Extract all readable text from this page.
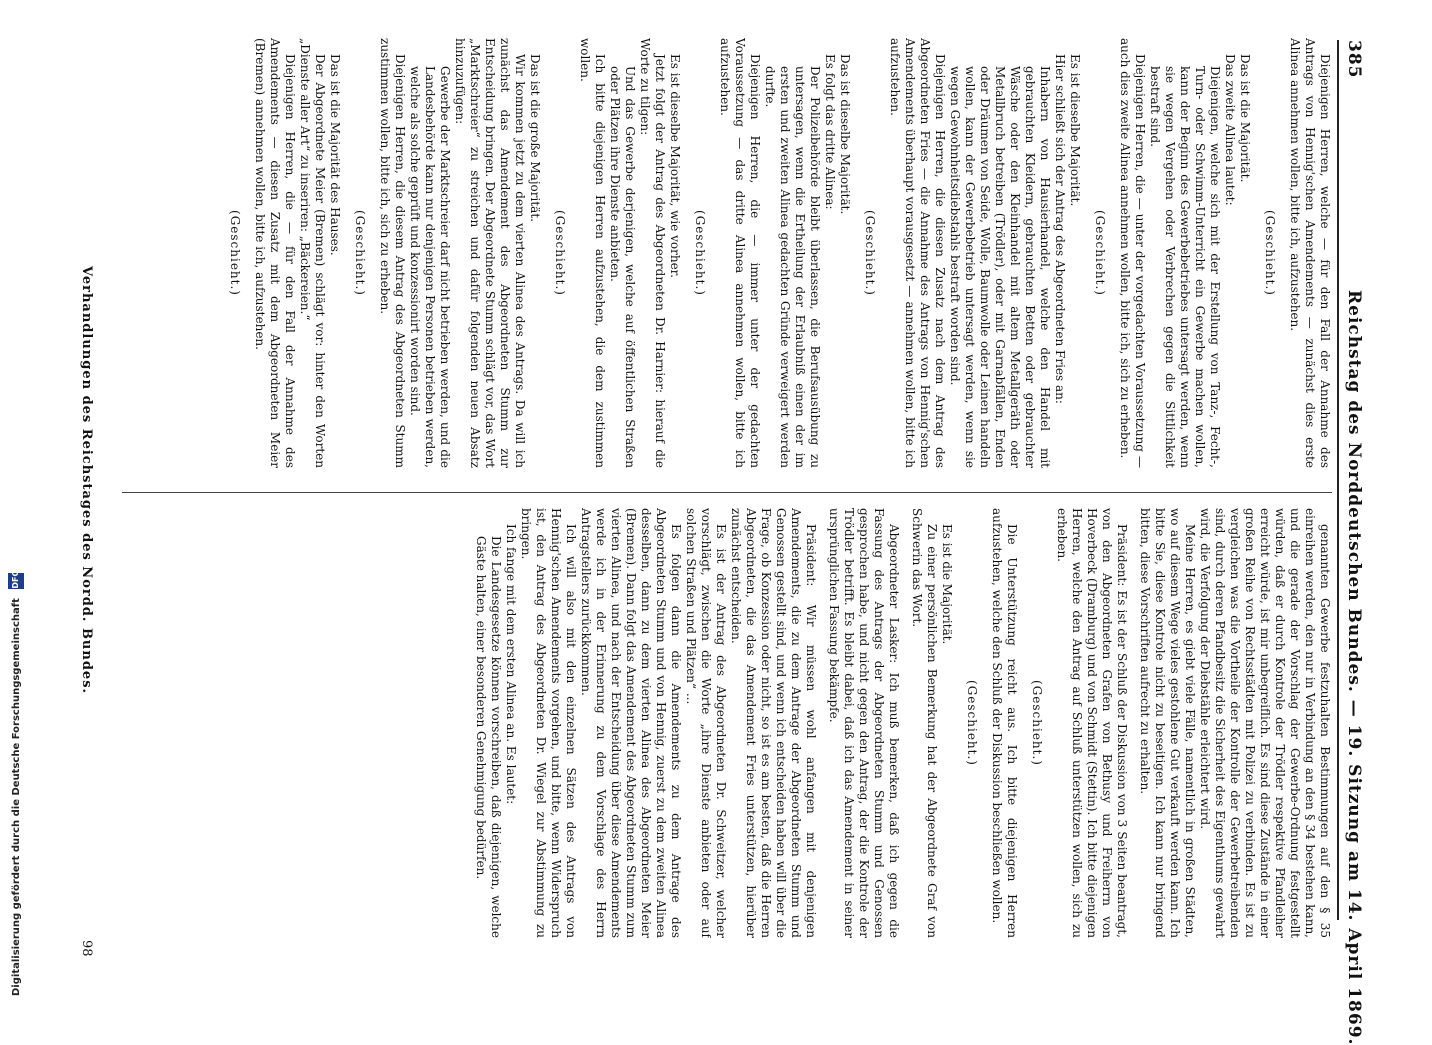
385
Reichstag des Norddeutschen Bundes. — 19. Sitzung am 14. April 1869.

Diejenigen Herren, welche — für den Fall der Annahme des Antrags von Hennig'schen Amendements — zunächst dies erste Alinea annehmen wollen, bitte ich, aufzustehen.

(Geschieht.)

Das ist die Majorität.

Das zweite Alinea lautet:

Diejenigen, welche sich mit der Erstellung von Tanz-, Fecht-, Turn- oder Schwimm-Unterricht ein Gewerbe machen wollen, kann der Beginn des Gewerbebetriebes untersagt werden, wenn sie wegen Vergehen oder Verbrechen gegen die Sittlichkeit bestraft sind.

Diejenigen Herren, die — unter der vorgedachten Voraussetzung — auch dies zweite Alinea annehmen wollen, bitte ich, sich zu erheben.

(Geschieht.)

Es ist dieselbe Majorität.

Hier schließt sich der Antrag des Abgeordneten Fries an:

Inhabern von Hausierhandel, welche den Handel mit gebrauchten Kleidern, gebrauchten Betten oder gebrauchter Wäsche oder den Kleinhandel mit altem Metallgeräth oder Metallbruch betreiben (Trödler), oder mit Garnabfällen, Enden oder Dräumen von Seide, Wolle, Baumwolle oder Leinen handeln wollen, kann der Gewerbebetrieb untersagt werden, wenn sie wegen Gewohnheitsdiebstahls bestraft worden sind.

Diejenigen Herren, die diesen Zusatz nach dem Antrag des Abgeordneten Fries — die Annahme des Antrags von Hennig'schen Amendements überhaupt vorausgesetzt — annehmen wollen, bitte ich aufzustehen.

(Geschieht.)

Das ist dieselbe Majorität.

Es folgt das dritte Alinea:

Der Polizeibehörde bleibt überlassen, die Berufsausübung zu untersagen, wenn die Ertheilung der Erlaubniß einen der im ersten und zweiten Alinea gedachten Gründe verweigert werden durfte.

Diejenigen Herren, die — immer unter der gedachten Voraussetzung — das dritte Alinea annehmen wollen, bitte ich aufzustehen.

(Geschieht.)

Es ist dieselbe Majorität, wie vorher.

Jetzt folgt der Antrag des Abgeordneten Dr. Harnier: hierauf die Worte zu tilgen:

Und das Gewerbe derjenigen, welche auf öffentlichen Straßen oder Plätzen ihre Dienste anbieten.

Ich bitte diejenigen Herren aufzustehen, die dem zustimmen wollen.

(Geschieht.)

Das ist die große Majorität.

Wir kommen jetzt zu dem vierten Alinea des Antrags. Da will ich zunächst das Amendement des Abgeordneten Stumm zur Entscheidung bringen. Der Abgeordnete Stumm schlägt vor, das Wort „Marktschreier“ zu streichen und dafür folgenden neuen Absatz hinzuzufügen:

Gewerbe der Marktschreier darf nicht betrieben werden, und die Landesbehörde kann nur denjenigen Personen betrieben werden, welche als solche geprüft und konzessionirt worden sind.

Diejenigen Herren, die diesem Antrag des Abgeordneten Stumm zustimmen wollen, bitte ich, sich zu erheben.

(Geschieht.)

Das ist die Majorität des Hauses.

Der Abgeordnete Meier (Bremen) schlägt vor: hinter den Worten „Dienste aller Art“ zu inseriren: „Bäckereien.“

Diejenigen Herren, die — für den Fall der Annahme des Amendements — diesen Zusatz mit dem Abgeordneten Meier (Bremen) annehmen wollen, bitte ich, aufzustehen.

(Geschieht.)

genannten Gewerbe festzuhalten Bestimmungen auf den § 35 einreihen werden, den nur in Verbindung an den § 34 bestehen kann, und die gerade der Vorschlag der Gewerbe-Ordnung festgestellt würden, daß er durch Kontrole der Trödler respektive Pfandleiher erreicht würde, ist mir unbegreiflich. Es sind diese Zustände in einer großen Reihe von Rechtsstädten mit Polizei zu verbinden. Es ist zu vergleichen was die Vortheile der Kontrolle der Gewerbetreibenden sind, durch deren Pfandbesitz die Sicherheit des Eigenthums gewahrt wird, die Verfolgung der Diebstähle erleichtert wird.

Meine Herren, es giebt viele Fälle, namentlich in großen Städten, wo auf diesem Wege vieles gestohlene Gut verkauft werden kann. Ich bitte Sie, diese Kontrole nicht zu beseitigen. Ich kann nur bringend bitten, diese Vorschriften aufrecht zu erhalten.

Präsident: Es ist der Schluß der Diskussion von 3 Seiten beantragt, von den Abgeordneten Grafen von Bethusy und Freiherrn von Hoverbeck (Dramburg) und von Schmidt (Stettin). Ich bitte diejenigen Herren, welche den Antrag auf Schluß unterstützen wollen, sich zu erheben.

(Geschieht.)

Die Unterstützung reicht aus. Ich bitte diejenigen Herren aufzustehen, welche den Schluß der Diskussion beschließen wollen.

(Geschieht.)

Es ist die Majorität.

Zu einer persönlichen Bemerkung hat der Abgeordnete Graf von Schwerin das Wort.

Abgeordneter Lasker: Ich muß bemerken, daß ich gegen die Fassung des Antrags der Abgeordneten Stumm und Genossen gesprochen habe, und nicht gegen den Antrag, der die Kontrole der Trödler betrifft. Es bleibt dabei, daß ich das Amendement in seiner ursprünglichen Fassung bekämpfe.

Präsident: Wir müssen wohl anfangen mit denjenigen Amendements, die zu dem Antrage der Abgeordneten Stumm und Genossen gestellt sind, und wenn ich entscheiden haben will über die Frage, ob Konzession oder nicht, so ist es am besten, daß die Herren Abgeordneten, die das Amendement Fries unterstützen, hierüber zunächst entscheiden.

Es ist der Antrag des Abgeordneten Dr. Schweitzer, welcher vorschlägt, zwischen die Worte „ihre Dienste anbieten oder auf solchen Straßen und Plätzen“ ...

Es folgen dann die Amendements zu dem Antrage des Abgeordneten Stumm und von Hennig, zuerst zu dem zweiten Alinea desselben, dann zu dem vierten Alinea des Abgeordneten Meier (Bremen). Dann folgt das Amendement des Abgeordneten Stumm zum vierten Alinea, und nach der Entscheidung über diese Amendements werde ich in der Erinnerung zu dem Vorschlage des Herrn Antragstellers zurückkommen.

Ich will also mit den einzelnen Sätzen des Antrags von Hennig'schen Amendements vorgehen, und bitte, wenn Widerspruch ist, den Antrag des Abgeordneten Dr. Wiegel zur Abstimmung zu bringen.

Ich fange mit dem ersten Alinea an. Es lautet:

Die Landesgesetze können vorschreiben, daß diejenigen, welche Gäste halten, einer besonderen Genehmigung bedürfen.

Verhandlungen des Reichstages des Nordd. Bundes.
98
Digitalisierung gefördert durch die Deutsche Forschungsgemeinschaft DFG
